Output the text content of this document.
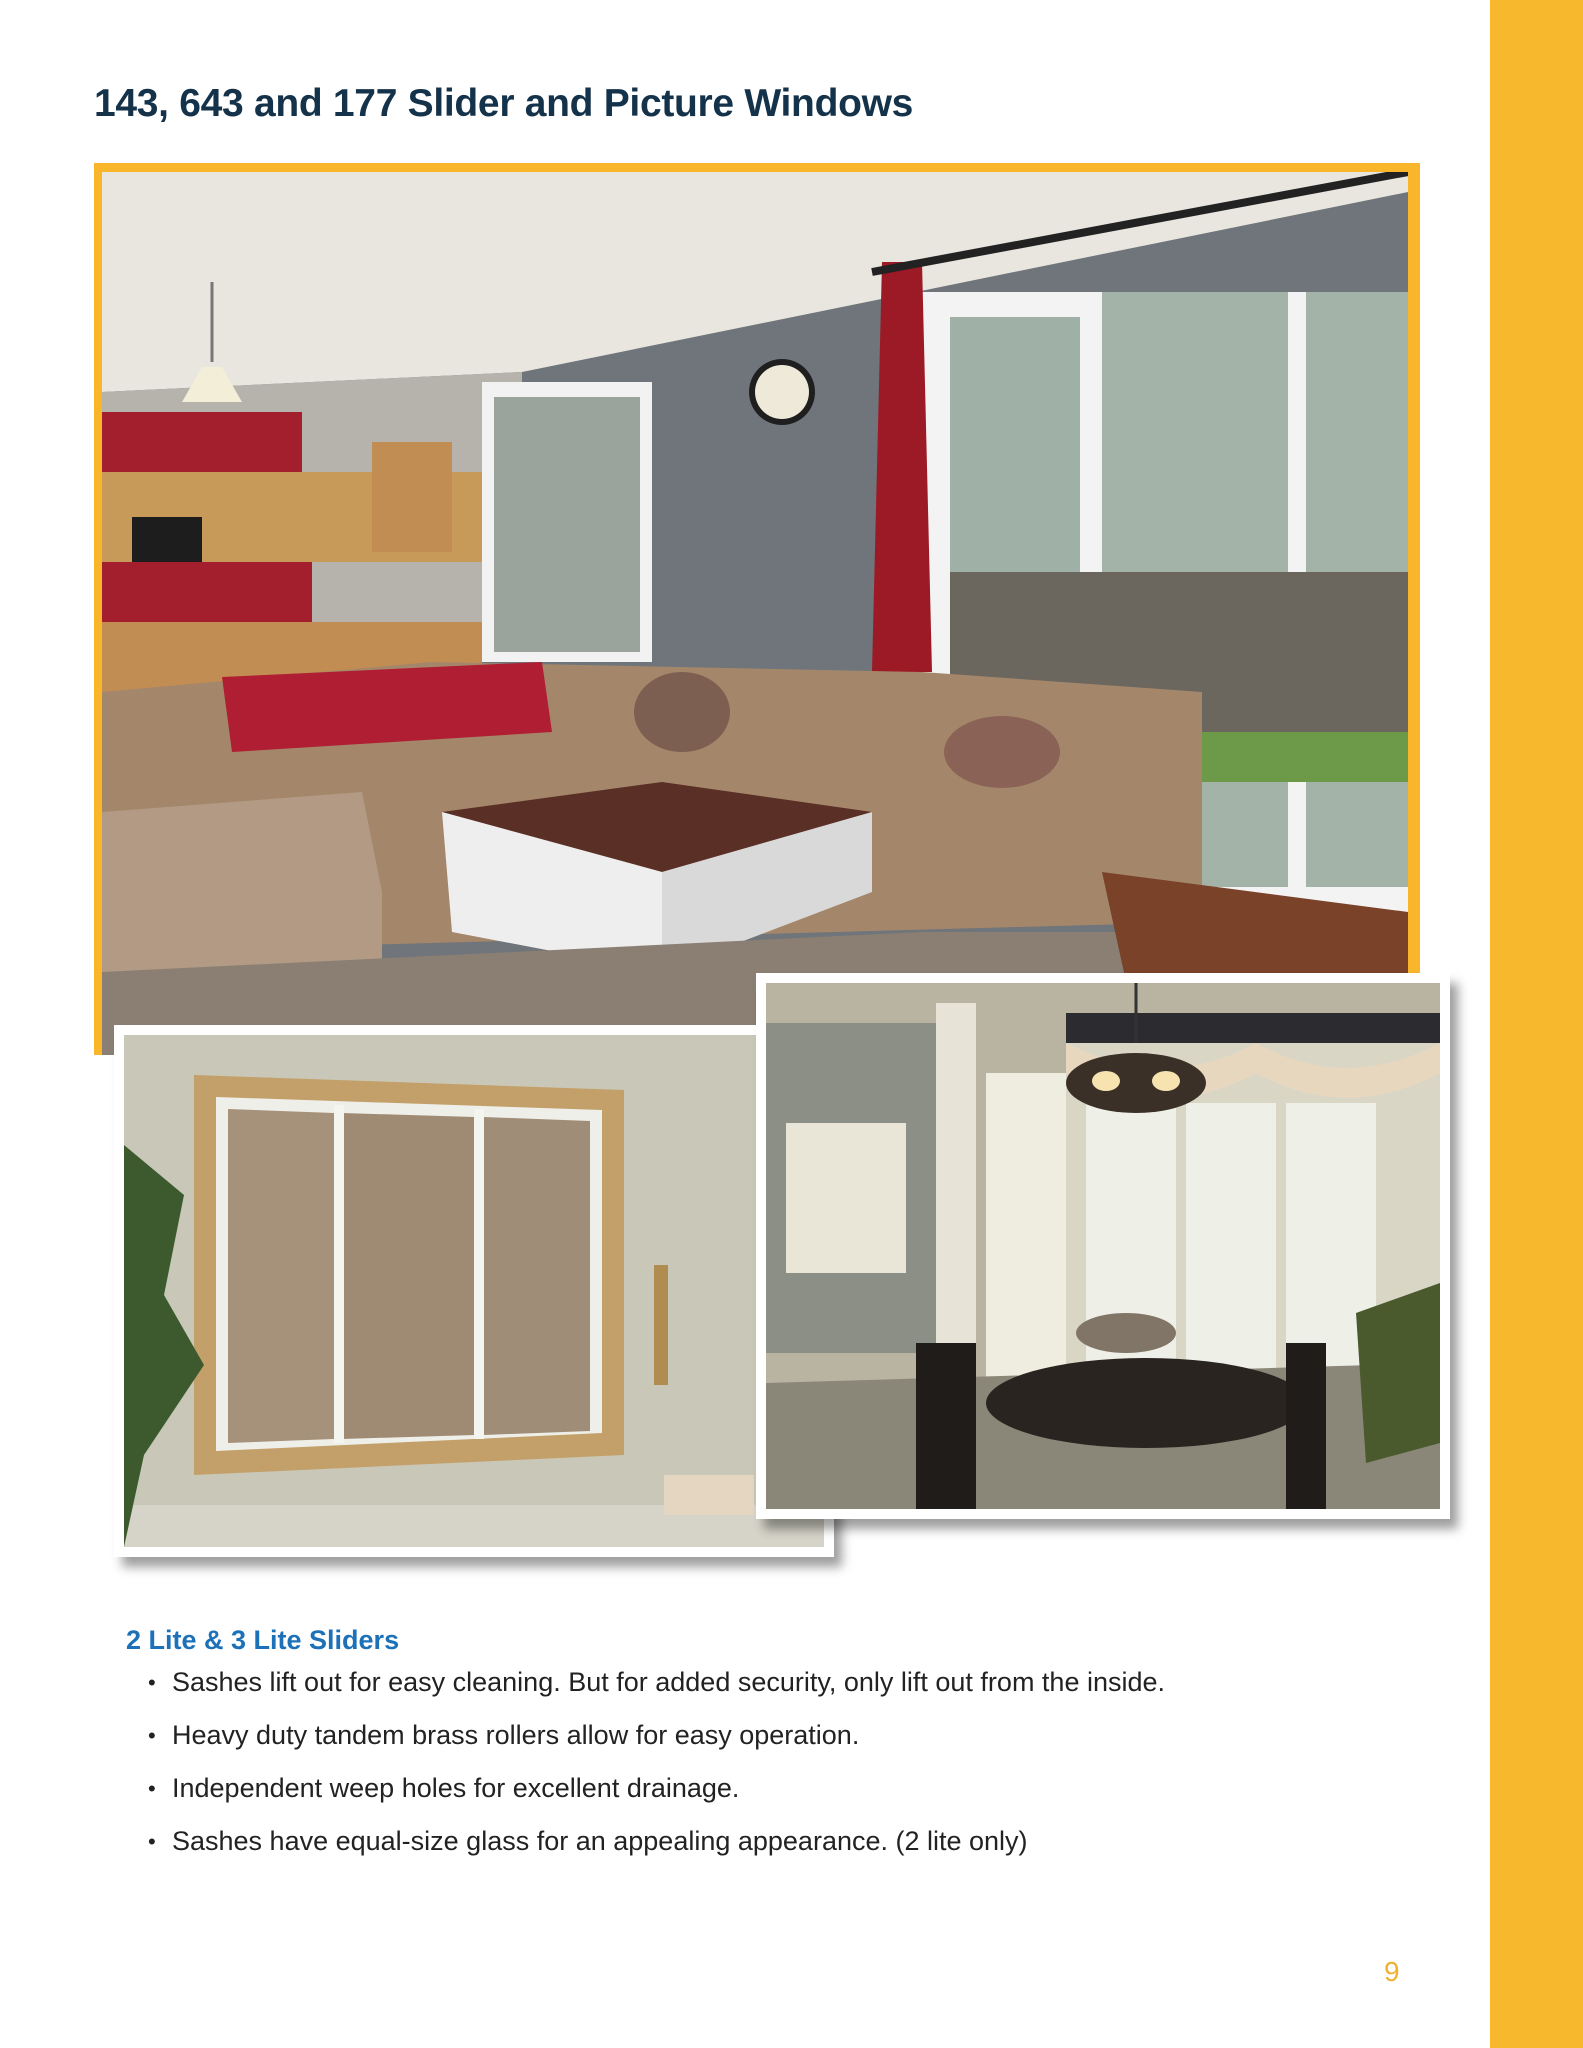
143, 643 and 177 Slider and Picture Windows
2 Lite & 3 Lite Sliders
• Sashes lift out for easy cleaning. But for added security, only lift out from the inside.
• Heavy duty tandem brass rollers allow for easy operation.
• Independent weep holes for excellent drainage.
• Sashes have equal-size glass for an appealing appearance. (2 lite only)
9
